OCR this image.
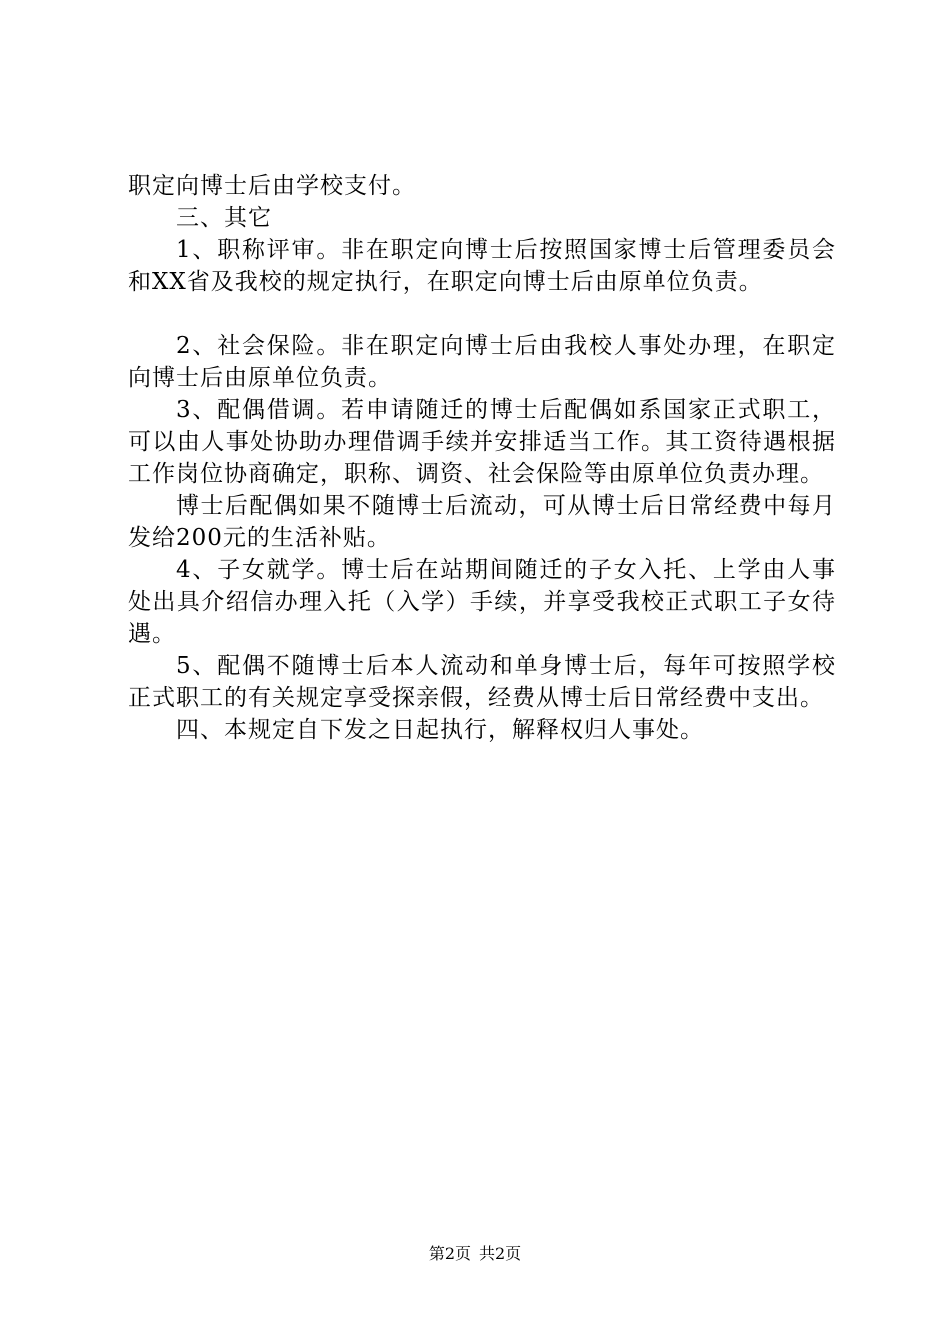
职定向博士后由学校支付。

三、其它

1、职称评审。非在职定向博士后按照国家博士后管理委员会和XX省及我校的规定执行，在职定向博士后由原单位负责。

2、社会保险。非在职定向博士后由我校人事处办理，在职定向博士后由原单位负责。

3、配偶借调。若申请随迁的博士后配偶如系国家正式职工，可以由人事处协助办理借调手续并安排适当工作。其工资待遇根据工作岗位协商确定，职称、调资、社会保险等由原单位负责办理。

博士后配偶如果不随博士后流动，可从博士后日常经费中每月发给200元的生活补贴。

4、子女就学。博士后在站期间随迁的子女入托、上学由人事处出具介绍信办理入托（入学）手续，并享受我校正式职工子女待遇。

5、配偶不随博士后本人流动和单身博士后，每年可按照学校正式职工的有关规定享受探亲假，经费从博士后日常经费中支出。

四、本规定自下发之日起执行，解释权归人事处。

第2页 共2页
